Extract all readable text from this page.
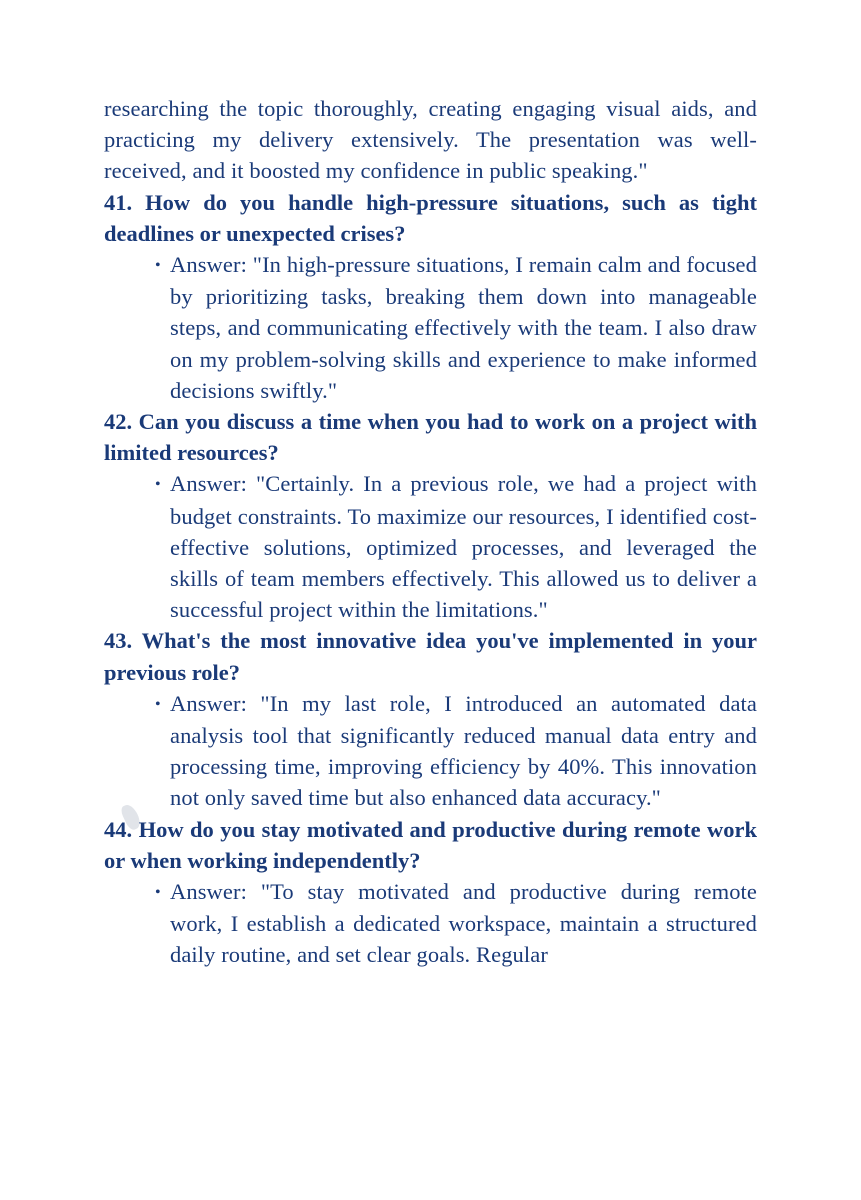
researching the topic thoroughly, creating engaging visual aids, and practicing my delivery extensively. The presentation was well-received, and it boosted my confidence in public speaking."

41. How do you handle high-pressure situations, such as tight deadlines or unexpected crises?

• Answer: "In high-pressure situations, I remain calm and focused by prioritizing tasks, breaking them down into manageable steps, and communicating effectively with the team. I also draw on my problem-solving skills and experience to make informed decisions swiftly."

42. Can you discuss a time when you had to work on a project with limited resources?

• Answer: "Certainly. In a previous role, we had a project with budget constraints. To maximize our resources, I identified cost-effective solutions, optimized processes, and leveraged the skills of team members effectively. This allowed us to deliver a successful project within the limitations."

43. What's the most innovative idea you've implemented in your previous role?

• Answer: "In my last role, I introduced an automated data analysis tool that significantly reduced manual data entry and processing time, improving efficiency by 40%. This innovation not only saved time but also enhanced data accuracy."

44. How do you stay motivated and productive during remote work or when working independently?

• Answer: "To stay motivated and productive during remote work, I establish a dedicated workspace, maintain a structured daily routine, and set clear goals. Regular
